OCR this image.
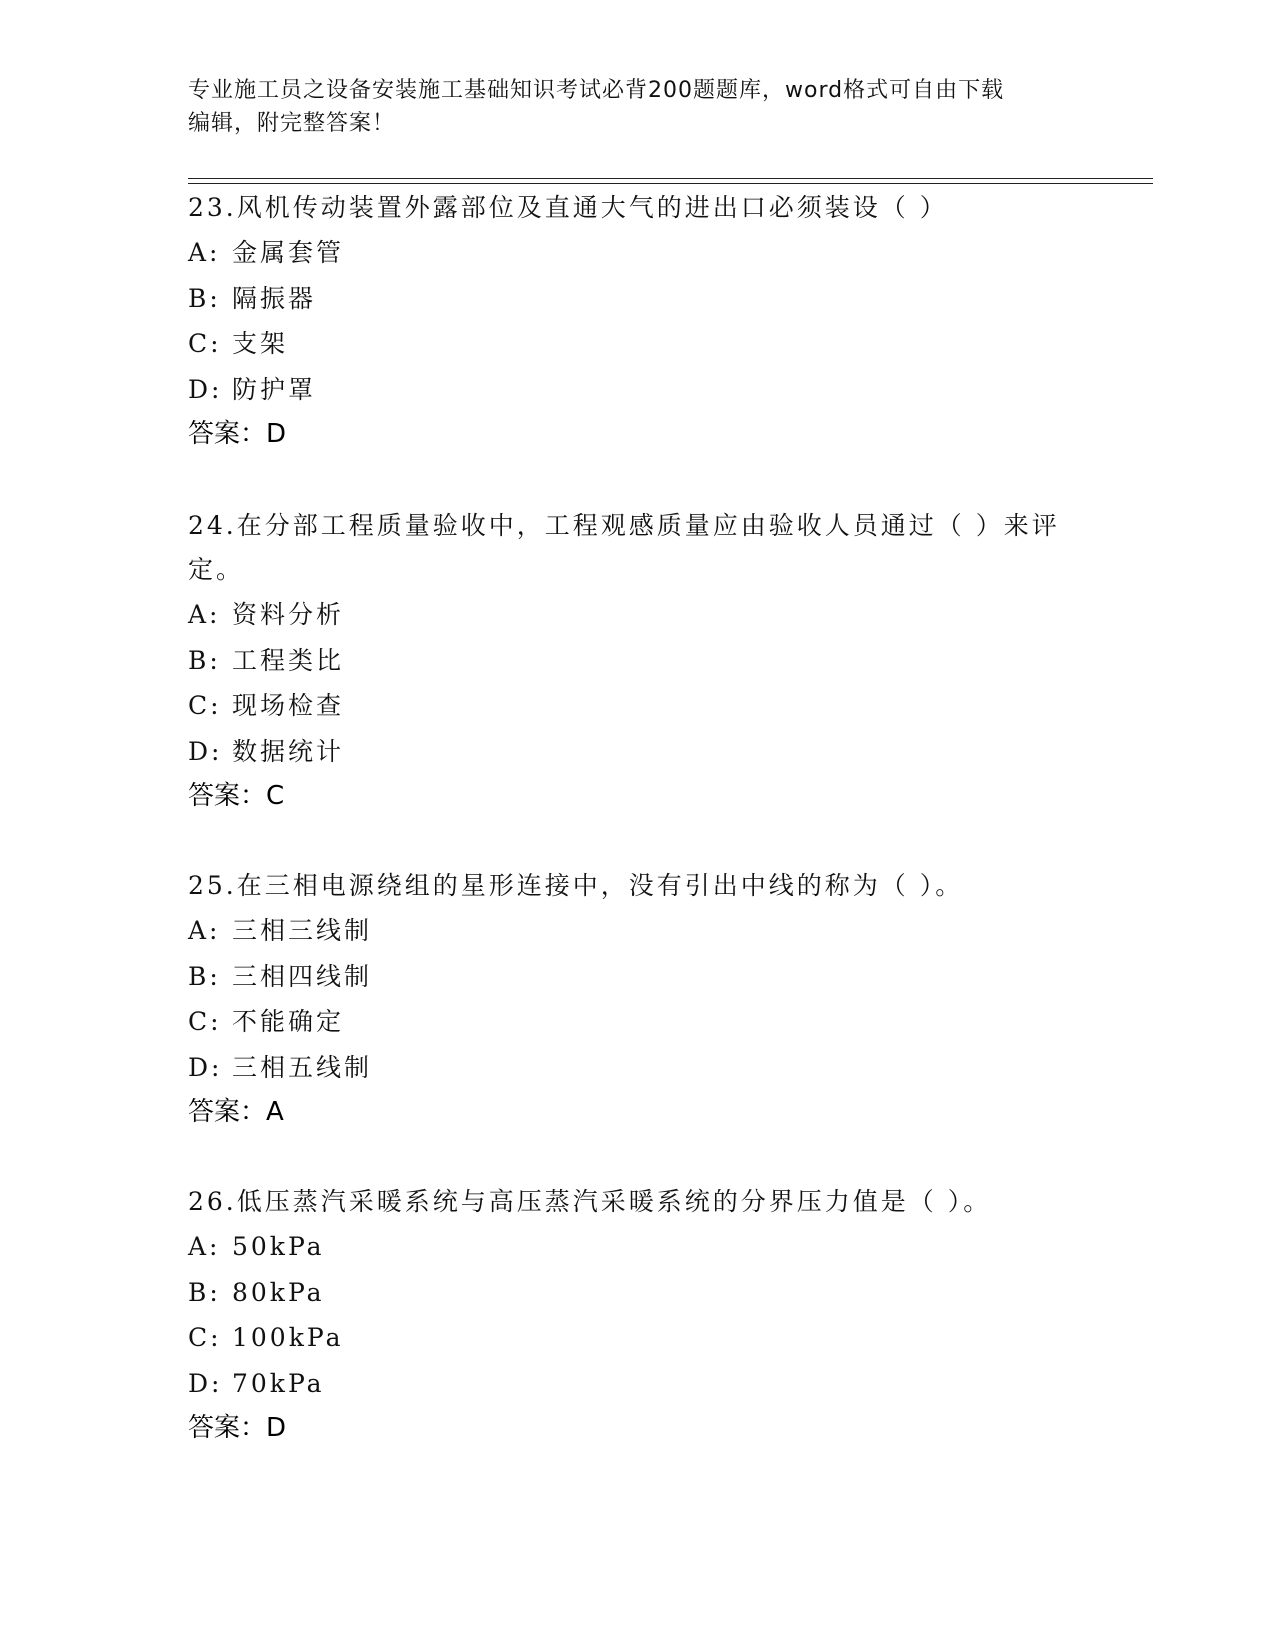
专业施工员之设备安装施工基础知识考试必背200题题库，word格式可自由下载
编辑，附完整答案！

23.风机传动装置外露部位及直通大气的进出口必须装设（ ）

A: 金属套管
B: 隔振器
C: 支架
D: 防护罩
答案：D

24.在分部工程质量验收中，工程观感质量应由验收人员通过（ ）来评定。

A: 资料分析
B: 工程类比
C: 现场检查
D: 数据统计
答案：C

25.在三相电源绕组的星形连接中，没有引出中线的称为（ ）。

A: 三相三线制
B: 三相四线制
C: 不能确定
D: 三相五线制
答案：A

26.低压蒸汽采暖系统与高压蒸汽采暖系统的分界压力值是（ ）。

A: 50kPa
B: 80kPa
C: 100kPa
D: 70kPa
答案：D
